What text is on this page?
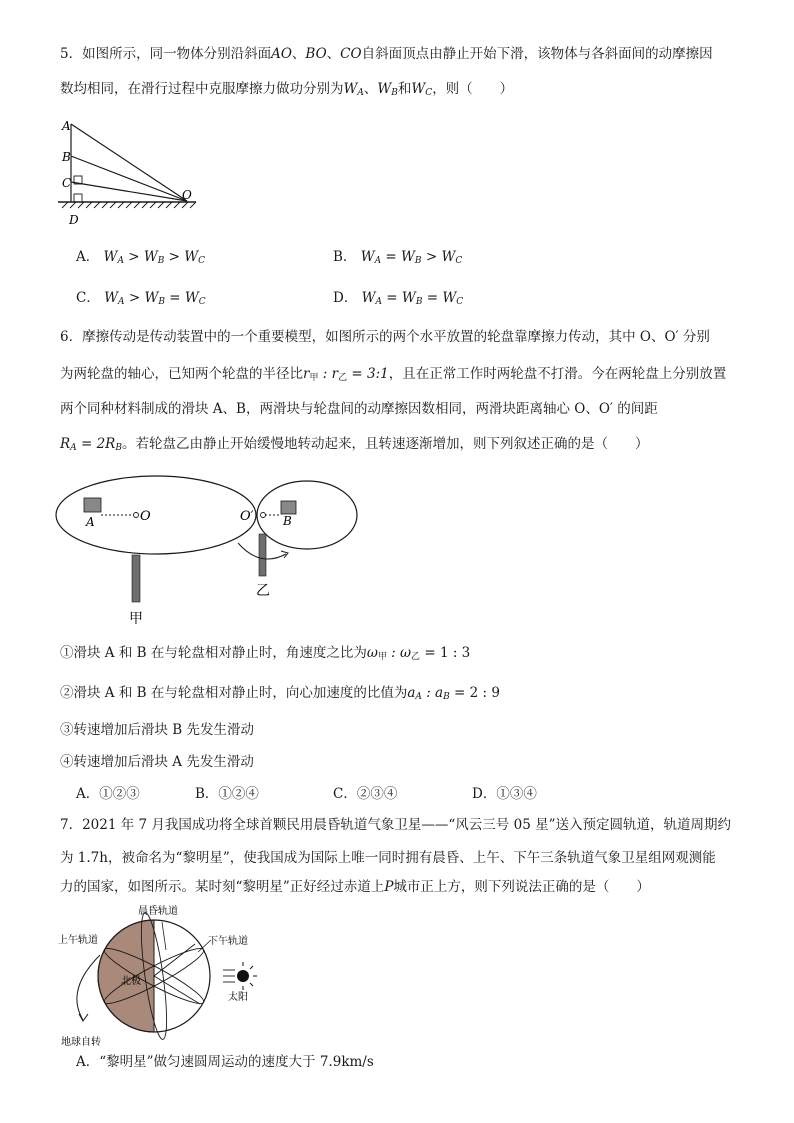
5．如图所示，同一物体分别沿斜面AO、BO、CO自斜面顶点由静止开始下滑，该物体与各斜面间的动摩擦因
数均相同，在滑行过程中克服摩擦力做功分别为WA、WB和WC，则（　　）
A
B
C
D
O
A． WA > WB > WC	B． WA = WB > WC
C． WA > WB = WC	D． WA = WB = WC
6．摩擦传动是传动装置中的一个重要模型，如图所示的两个水平放置的轮盘靠摩擦力传动，其中 O、O′ 分别
为两轮盘的轴心，已知两个轮盘的半径比$r_甲$ : $r_乙$ = 3:1，且在正常工作时两轮盘不打滑。今在两轮盘上分别放置
两个同种材料制成的滑块 A、B，两滑块与轮盘间的动摩擦因数相同，两滑块距离轴心 O、O′ 的间距
RA = 2RB。若轮盘乙由静止开始缓慢地转动起来，且转速逐渐增加，则下列叙述正确的是（　　）
A	O	O′ B
甲
乙
①滑块 A 和 B 在与轮盘相对静止时，角速度之比为$\omega_甲$ : $\omega_乙 = 1$ : 3
②滑块 A 和 B 在与轮盘相对静止时，向心加速度的比值为aA : aB = 2 : 9
③转速增加后滑块 B 先发生滑动
④转速增加后滑块 A 先发生滑动
A．①②③	B．①②④	C．②③④	D．①③④
7．2021 年 7 月我国成功将全球首颗民用晨昏轨道气象卫星——“风云三号 05 星”送入预定圆轨道，轨道周期约
为 1.7h，被命名为“黎明星”，使我国成为国际上唯一同时拥有晨昏、上午、下午三条轨道气象卫星组网观测能
力的国家，如图所示。某时刻“黎明星”正好经过赤道上P城市正上方，则下列说法正确的是（　　）
晨昏轨道
上午轨道	下午轨道
北极
太阳
地球自转
A．“黎明星”做匀速圆周运动的速度大于 7.9km/s
